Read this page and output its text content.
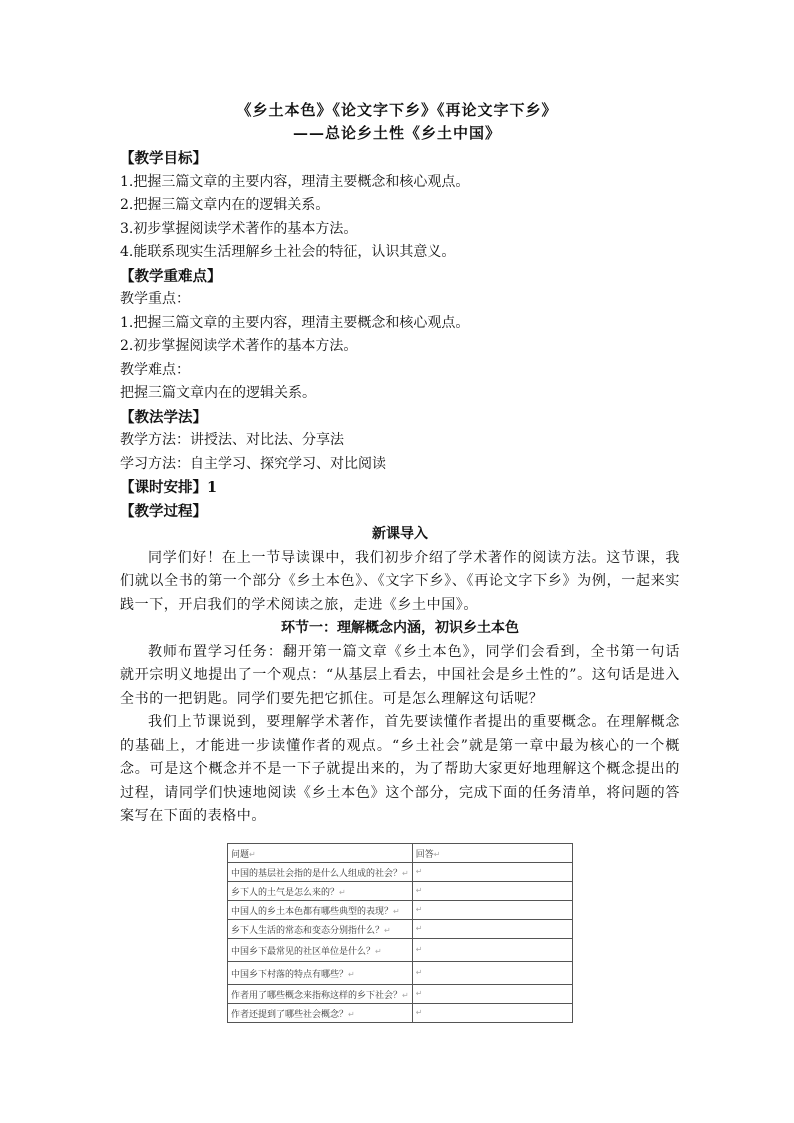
《乡土本色》《论文字下乡》《再论文字下乡》
——总论乡土性《乡土中国》
【教学目标】
1.把握三篇文章的主要内容，理清主要概念和核心观点。
2.把握三篇文章内在的逻辑关系。
3.初步掌握阅读学术著作的基本方法。
4.能联系现实生活理解乡土社会的特征，认识其意义。
【教学重难点】
教学重点：
1.把握三篇文章的主要内容，理清主要概念和核心观点。
2.初步掌握阅读学术著作的基本方法。
教学难点：
把握三篇文章内在的逻辑关系。
【教法学法】
教学方法：讲授法、对比法、分享法
学习方法：自主学习、探究学习、对比阅读
【课时安排】1
【教学过程】
新课导入

同学们好！在上一节导读课中，我们初步介绍了学术著作的阅读方法。这节课，我们就以全书的第一个部分《乡土本色》、《文字下乡》、《再论文字下乡》为例，一起来实践一下，开启我们的学术阅读之旅，走进《乡土中国》。

环节一：理解概念内涵，初识乡土本色

教师布置学习任务：翻开第一篇文章《乡土本色》，同学们会看到，全书第一句话就开宗明义地提出了一个观点：“从基层上看去，中国社会是乡土性的”。这句话是进入全书的一把钥匙。同学们要先把它抓住。可是怎么理解这句话呢？

我们上节课说到，要理解学术著作，首先要读懂作者提出的重要概念。在理解概念的基础上，才能进一步读懂作者的观点。“乡土社会”就是第一章中最为核心的一个概念。可是这个概念并不是一下子就提出来的，为了帮助大家更好地理解这个概念提出的过程，请同学们快速地阅读《乡土本色》这个部分，完成下面的任务清单，将问题的答案写在下面的表格中。

问题↵	回答↵
中国的基层社会指的是什么人组成的社会？↵	↵
乡下人的土气是怎么来的？↵	↵
中国人的乡土本色都有哪些典型的表现？↵	↵
乡下人生活的常态和变态分别指什么？↵	↵
中国乡下最常见的社区单位是什么？↵	↵
中国乡下村落的特点有哪些？↵	↵
作者用了哪些概念来指称这样的乡下社会？↵	↵
作者还提到了哪些社会概念？↵	↵
